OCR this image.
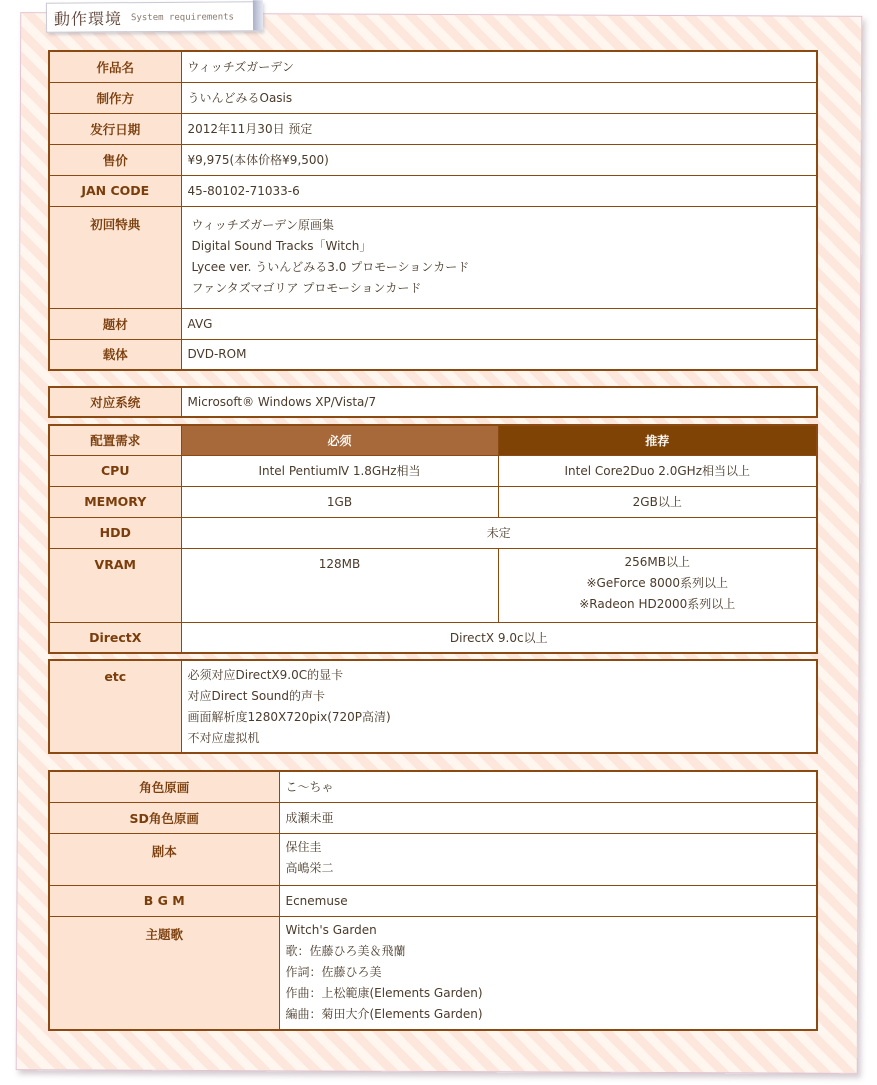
動作環境 System requirements
作品名	ウィッチズガーデン
制作方	ういんどみるOasis
发行日期	2012年11月30日 预定
售价	¥9,975(本体价格¥9,500)
JAN CODE	45-80102-71033-6
初回特典	ウィッチズガーデン原画集
Digital Sound Tracks「Witch」
Lycee ver. ういんどみる3.0 プロモーションカード
ファンタズマゴリア プロモーションカード

题材	AVG
载体	DVD-ROM
对应系统	Microsoft® Windows XP/Vista/7
配置需求	必须	推荐
CPU	Intel PentiumⅣ 1.8GHz相当	Intel Core2Duo 2.0GHz相当以上
MEMORY	1GB	2GB以上
HDD	未定	
VRAM	128MB	256MB以上
※GeForce 8000系列以上
※Radeon HD2000系列以上

DirectX	DirectX 9.0c以上	
etc	必须对应DirectX9.0C的显卡
对应Direct Sound的声卡
画面解析度1280X720pix(720P高清)
不对应虚拟机
角色原画	こ～ちゃ
SD角色原画	成瀬未亜
剧本	保住圭
高嶋栄二

B G M	Ecnemuse
主题歌	Witch's Garden
歌：佐藤ひろ美＆飛蘭
作詞：佐藤ひろ美
作曲：上松範康(Elements Garden)
編曲：菊田大介(Elements Garden)
